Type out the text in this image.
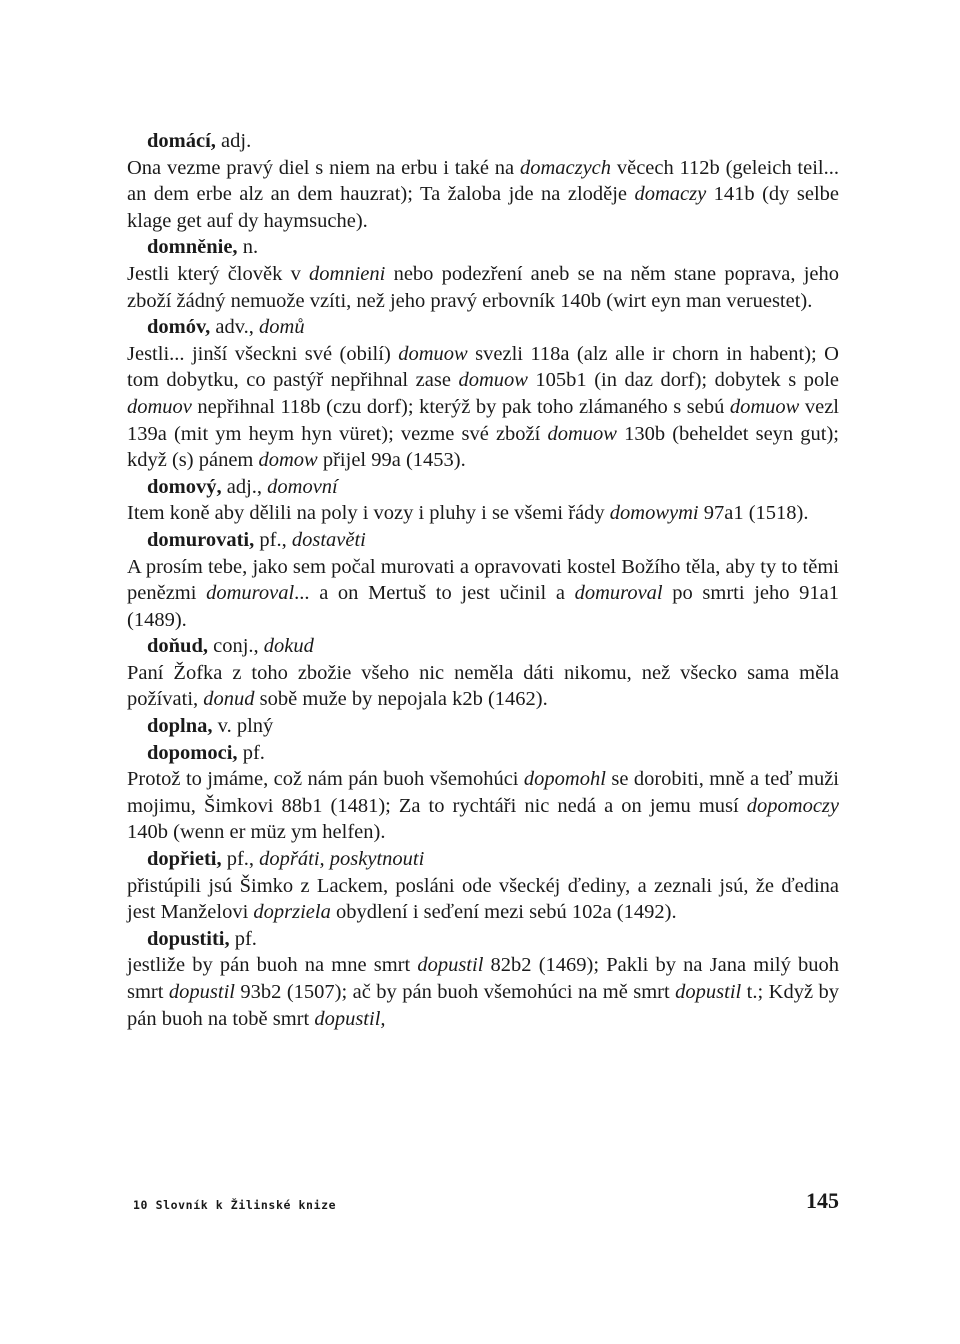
domácí, adj.
Ona vezme pravý diel s niem na erbu i také na domaczych věcech 112b (geleich teil... an dem erbe alz an dem hauzrat); Ta žaloba jde na zloděje domaczy 141b (dy selbe klage get auf dy haymsuche).
domněnie, n.
Jestli který člověk v domnieni nebo podezření aneb se na něm stane poprava, jeho zboží žádný nemuože vzíti, než jeho pravý erbovník 140b (wirt eyn man veruestet).
domóv, adv., domů
Jestli... jinší všeckni své (obilí) domuow svezli 118a (alz alle ir chorn in habent); O tom dobytku, co pastýř nepřihnal zase domuow 105b1 (in daz dorf); dobytek s pole domuov nepřihnal 118b (czu dorf); kterýž by pak toho zlámaného s sebú domuow vezl 139a (mit ym heym hyn vüret); vezme své zboží domuow 130b (beheldet seyn gut); když (s) pánem domow přijel 99a (1453).
domový, adj., domovní
Item koně aby dělili na poly i vozy i pluhy i se všemi řády domowymi 97a1 (1518).
domurovati, pf., dostavěti
A prosím tebe, jako sem počal murovati a opravovati kostel Božího těla, aby ty to těmi penězmi domuroval... a on Mertuš to jest učinil a domuroval po smrti jeho 91a1 (1489).
doňud, conj., dokud
Paní Žofka z toho zbožie všeho nic neměla dáti nikomu, než všecko sama měla požívati, donud sobě muže by nepojala k2b (1462).
doplna, v. plný
dopomoci, pf.
Protož to jmáme, což nám pán buoh všemohúci dopomohl se dorobiti, mně a teď muži mojimu, Šimkovi 88b1 (1481); Za to rychtáři nic nedá a on jemu musí dopomoczy 140b (wenn er müz ym helfen).
dopřieti, pf., dopřáti, poskytnouti
přistúpili jsú Šimko z Lackem, posláni ode všeckéj ďediny, a zeznali jsú, že ďedina jest Manželovi doprziela obydlení i seďení mezi sebú 102a (1492).
dopustiti, pf.
jestliže by pán buoh na mne smrt dopustil 82b2 (1469); Pakli by na Jana milý buoh smrt dopustil 93b2 (1507); ač by pán buoh všemohúci na mě smrt dopustil t.; Když by pán buoh na tobě smrt dopustil,
10 Slovník k Žilinské knize	145
